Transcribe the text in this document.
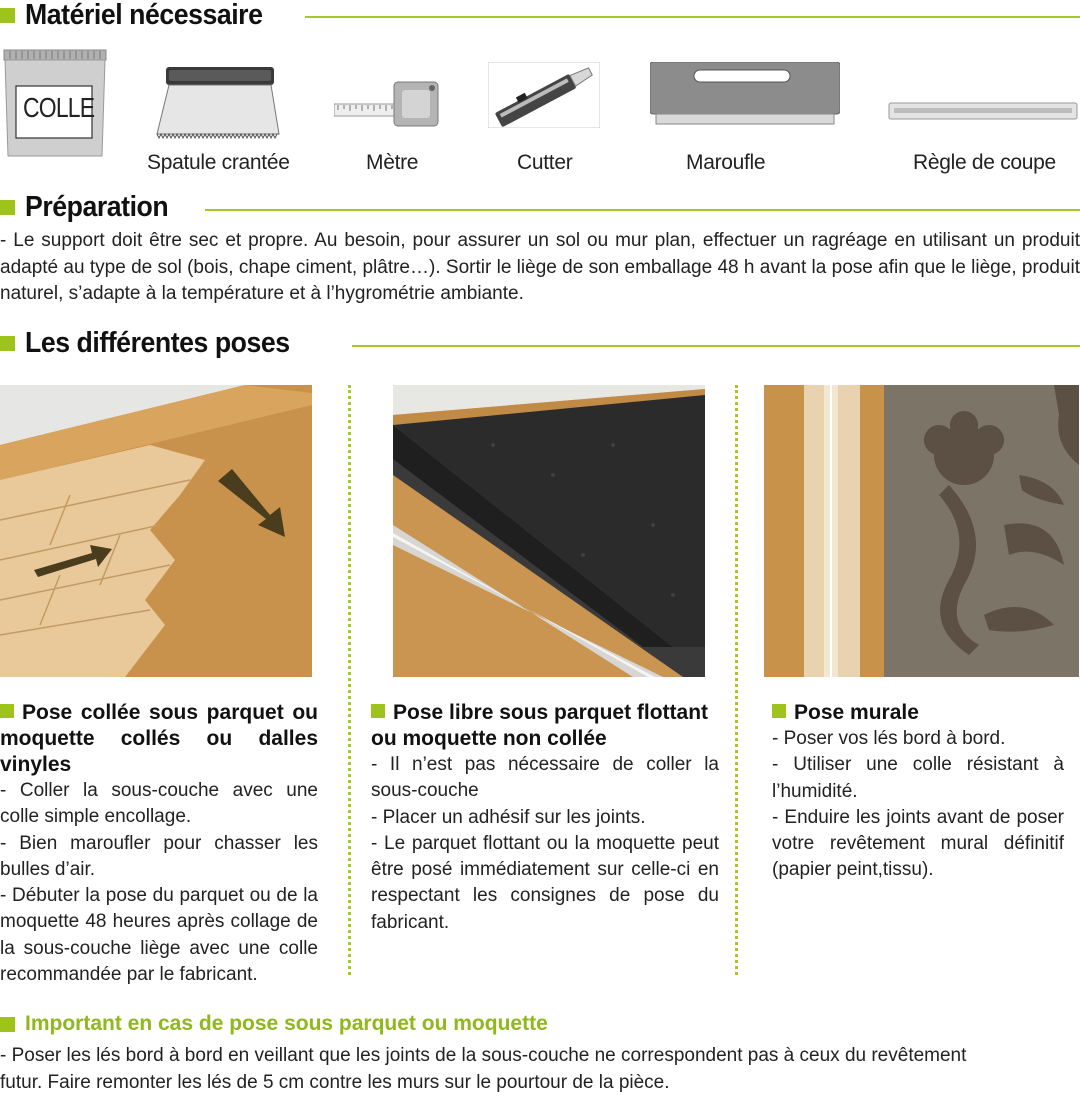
Matériel nécessaire
COLLE
Spatule crantée	Mètre	Cutter	Maroufle	Règle de coupe
Préparation
- Le support doit être sec et propre. Au besoin, pour assurer un sol ou mur plan, effectuer un ragréage en utilisant un produit adapté au type de sol (bois, chape ciment, plâtre…). Sortir le liège de son emballage 48 h avant la pose afin que le liège, produit naturel, s’adapte à la température et à l’hygrométrie ambiante.
Les différentes poses
Pose collée sous parquet ou moquette collés ou dalles vinyles
- Coller la sous-couche avec une colle simple encollage.
- Bien maroufler pour chasser les bulles d’air.
- Débuter la pose du parquet ou de la moquette 48 heures après collage de la sous-couche liège avec une colle recommandée par le fabricant.
Pose libre sous parquet flottant ou moquette non collée
- Il n’est pas nécessaire de coller la sous-couche
- Placer un adhésif sur les joints.
- Le parquet flottant ou la moquette peut être posé immédiatement sur celle-ci en respectant les consignes de pose du fabricant.
Pose murale
- Poser vos lés bord à bord.
- Utiliser une colle résistant à l’humidité.
- Enduire les joints avant de poser votre revêtement mural définitif (papier peint,tissu).
Important en cas de pose sous parquet ou moquette
- Poser les lés bord à bord en veillant que les joints de la sous-couche ne correspondent pas à ceux du revêtement futur. Faire remonter les lés de 5 cm contre les murs sur le pourtour de la pièce.
